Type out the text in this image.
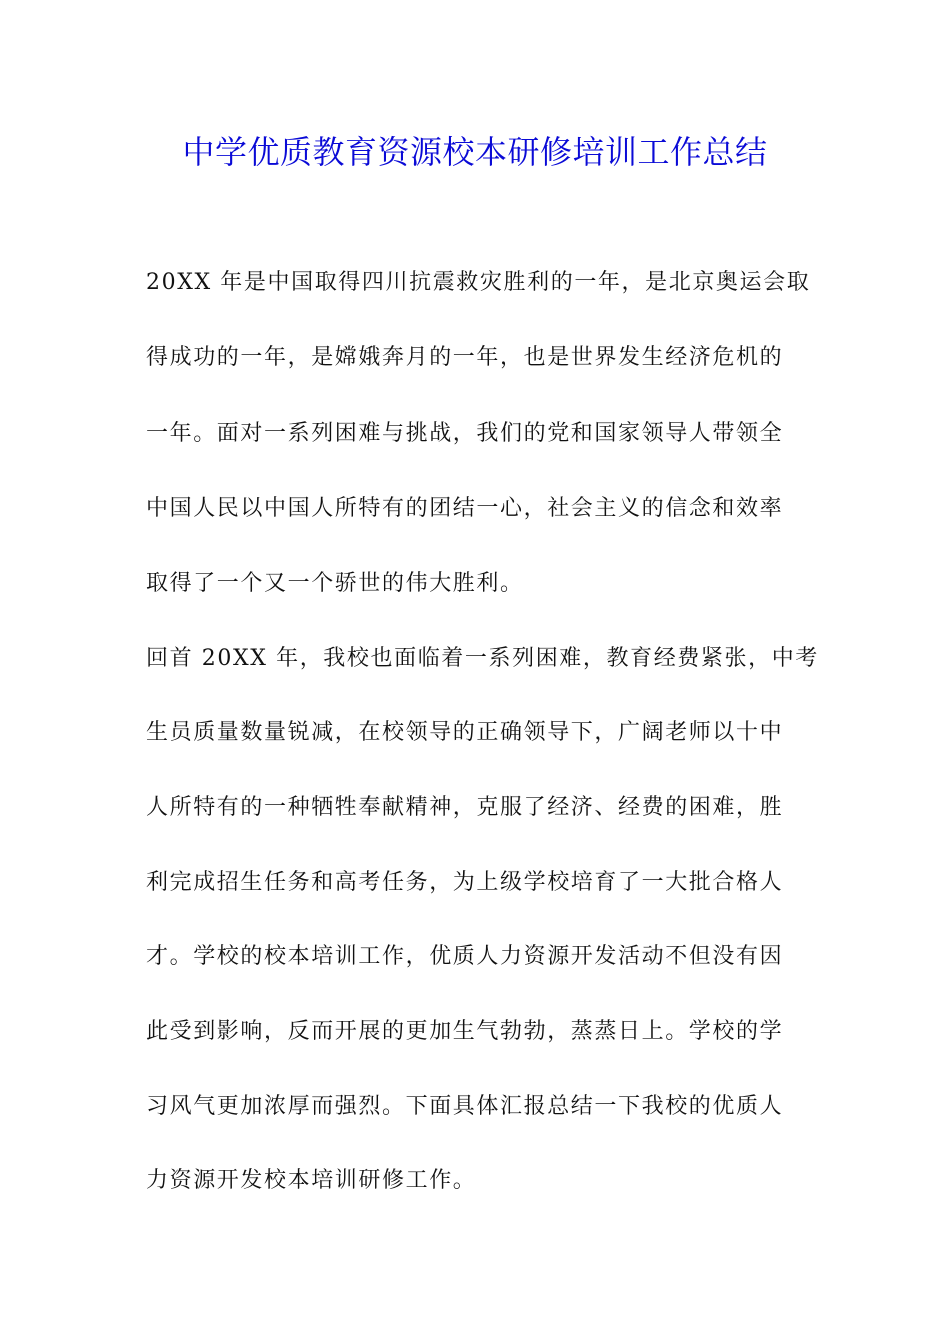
中学优质教育资源校本研修培训工作总结
20XX 年是中国取得四川抗震救灾胜利的一年，是北京奥运会取
得成功的一年，是嫦娥奔月的一年，也是世界发生经济危机的
一年。面对一系列困难与挑战，我们的党和国家领导人带领全
中国人民以中国人所特有的团结一心，社会主义的信念和效率
取得了一个又一个骄世的伟大胜利。
回首 20XX 年，我校也面临着一系列困难，教育经费紧张，中考
生员质量数量锐减，在校领导的正确领导下，广阔老师以十中
人所特有的一种牺牲奉献精神，克服了经济、经费的困难，胜
利完成招生任务和高考任务，为上级学校培育了一大批合格人
才。学校的校本培训工作，优质人力资源开发活动不但没有因
此受到影响，反而开展的更加生气勃勃，蒸蒸日上。学校的学
习风气更加浓厚而强烈。下面具体汇报总结一下我校的优质人
力资源开发校本培训研修工作。
